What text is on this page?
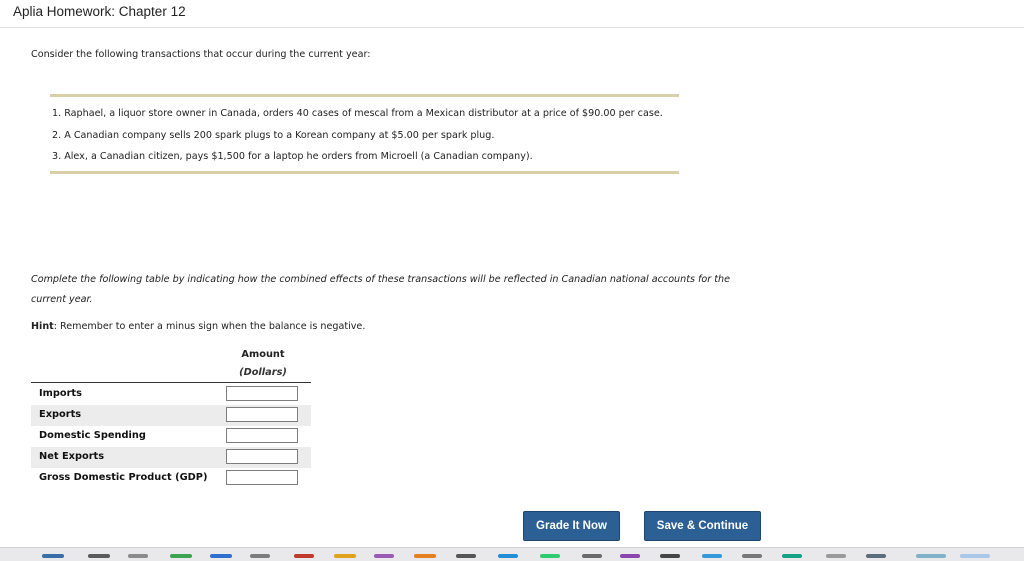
Aplia Homework: Chapter 12
Consider the following transactions that occur during the current year:
1. Raphael, a liquor store owner in Canada, orders 40 cases of mescal from a Mexican distributor at a price of $90.00 per case.
2. A Canadian company sells 200 spark plugs to a Korean company at $5.00 per spark plug.
3. Alex, a Canadian citizen, pays $1,500 for a laptop he orders from Microell (a Canadian company).
Complete the following table by indicating how the combined effects of these transactions will be reflected in Canadian national accounts for the current year.
Hint: Remember to enter a minus sign when the balance is negative.
Amount
(Dollars)
Imports
Exports
Domestic Spending
Net Exports
Gross Domestic Product (GDP)
Grade It Now	Save & Continue
